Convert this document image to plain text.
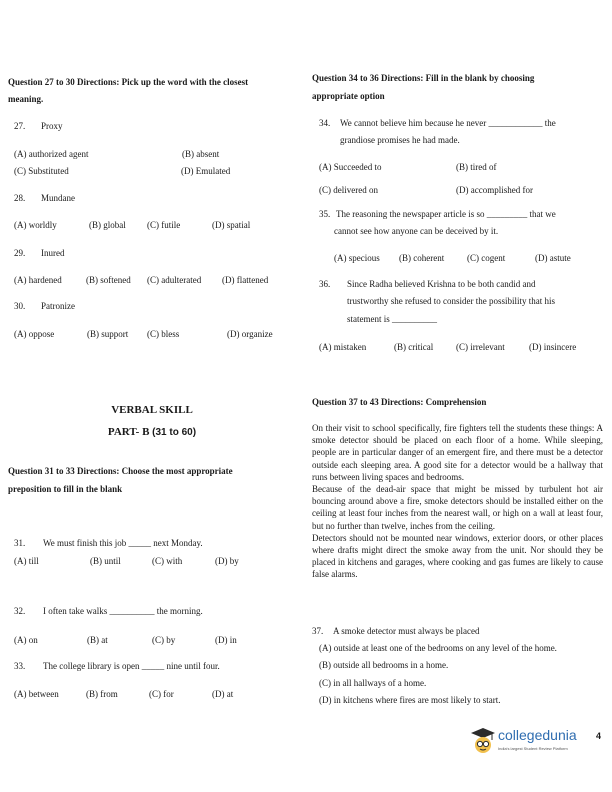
Question 27 to 30 Directions: Pick up the word with the closest
meaning.
27. Proxy
(A) authorized agent	(B) absent
(C) Substituted	(D) Emulated
28. Mundane
(A) worldly	(B) global (C) futile	(D) spatial
29. Inured
(A) hardened	(B) softened (C) adulterated (D) flattened
30. Patronize
(A) oppose	(B) support (C) bless	(D) organize
VERBAL SKILL
PART- B (31 to 60)
Question 31 to 33 Directions: Choose the most appropriate
preposition to fill in the blank
31. We must finish this job _____ next Monday.
(A) till	(B) until	(C) with	(D) by
32. I often take walks __________ the morning.
(A) on	(B) at	(C) by	(D) in
33. The college library is open _____ nine until four.
(A) between	(B) from	(C) for	(D) at
Question 34 to 36 Directions: Fill in the blank by choosing
appropriate option
34. We cannot believe him because he never ____________ the
grandiose promises he had made.
(A) Succeeded to	(B) tired of
(C) delivered on	(D) accomplished for
35. The reasoning the newspaper article is so _________ that we
cannot see how anyone can be deceived by it.
(A) specious (B) coherent	(C) cogent	(D) astute
36. Since Radha believed Krishna to be both candid and
trustworthy she refused to consider the possibility that his
statement is __________
(A) mistaken	(B) critical	(C) irrelevant	(D) insincere
Question 37 to 43 Directions: Comprehension

On their visit to school specifically, fire fighters tell the students these things: A smoke detector should be placed on each floor of a home. While sleeping, people are in particular danger of an emergent fire, and there must be a detector outside each sleeping area. A good site for a detector would be a hallway that runs between living spaces and bedrooms.

Because of the dead-air space that might be missed by turbulent hot air bouncing around above a fire, smoke detectors should be installed either on the ceiling at least four inches from the nearest wall, or high on a wall at least four, but no further than twelve, inches from the ceiling.

Detectors should not be mounted near windows, exterior doors, or other places where drafts might direct the smoke away from the unit. Nor should they be placed in kitchens and garages, where cooking and gas fumes are likely to cause false alarms.

37. A smoke detector must always be placed
(A) outside at least one of the bedrooms on any level of the home.
(B) outside all bedrooms in a home.
(C) in all hallways of a home.
(D) in kitchens where fires are most likely to start.
collegedunia
India's largest Student Review Platform
4
